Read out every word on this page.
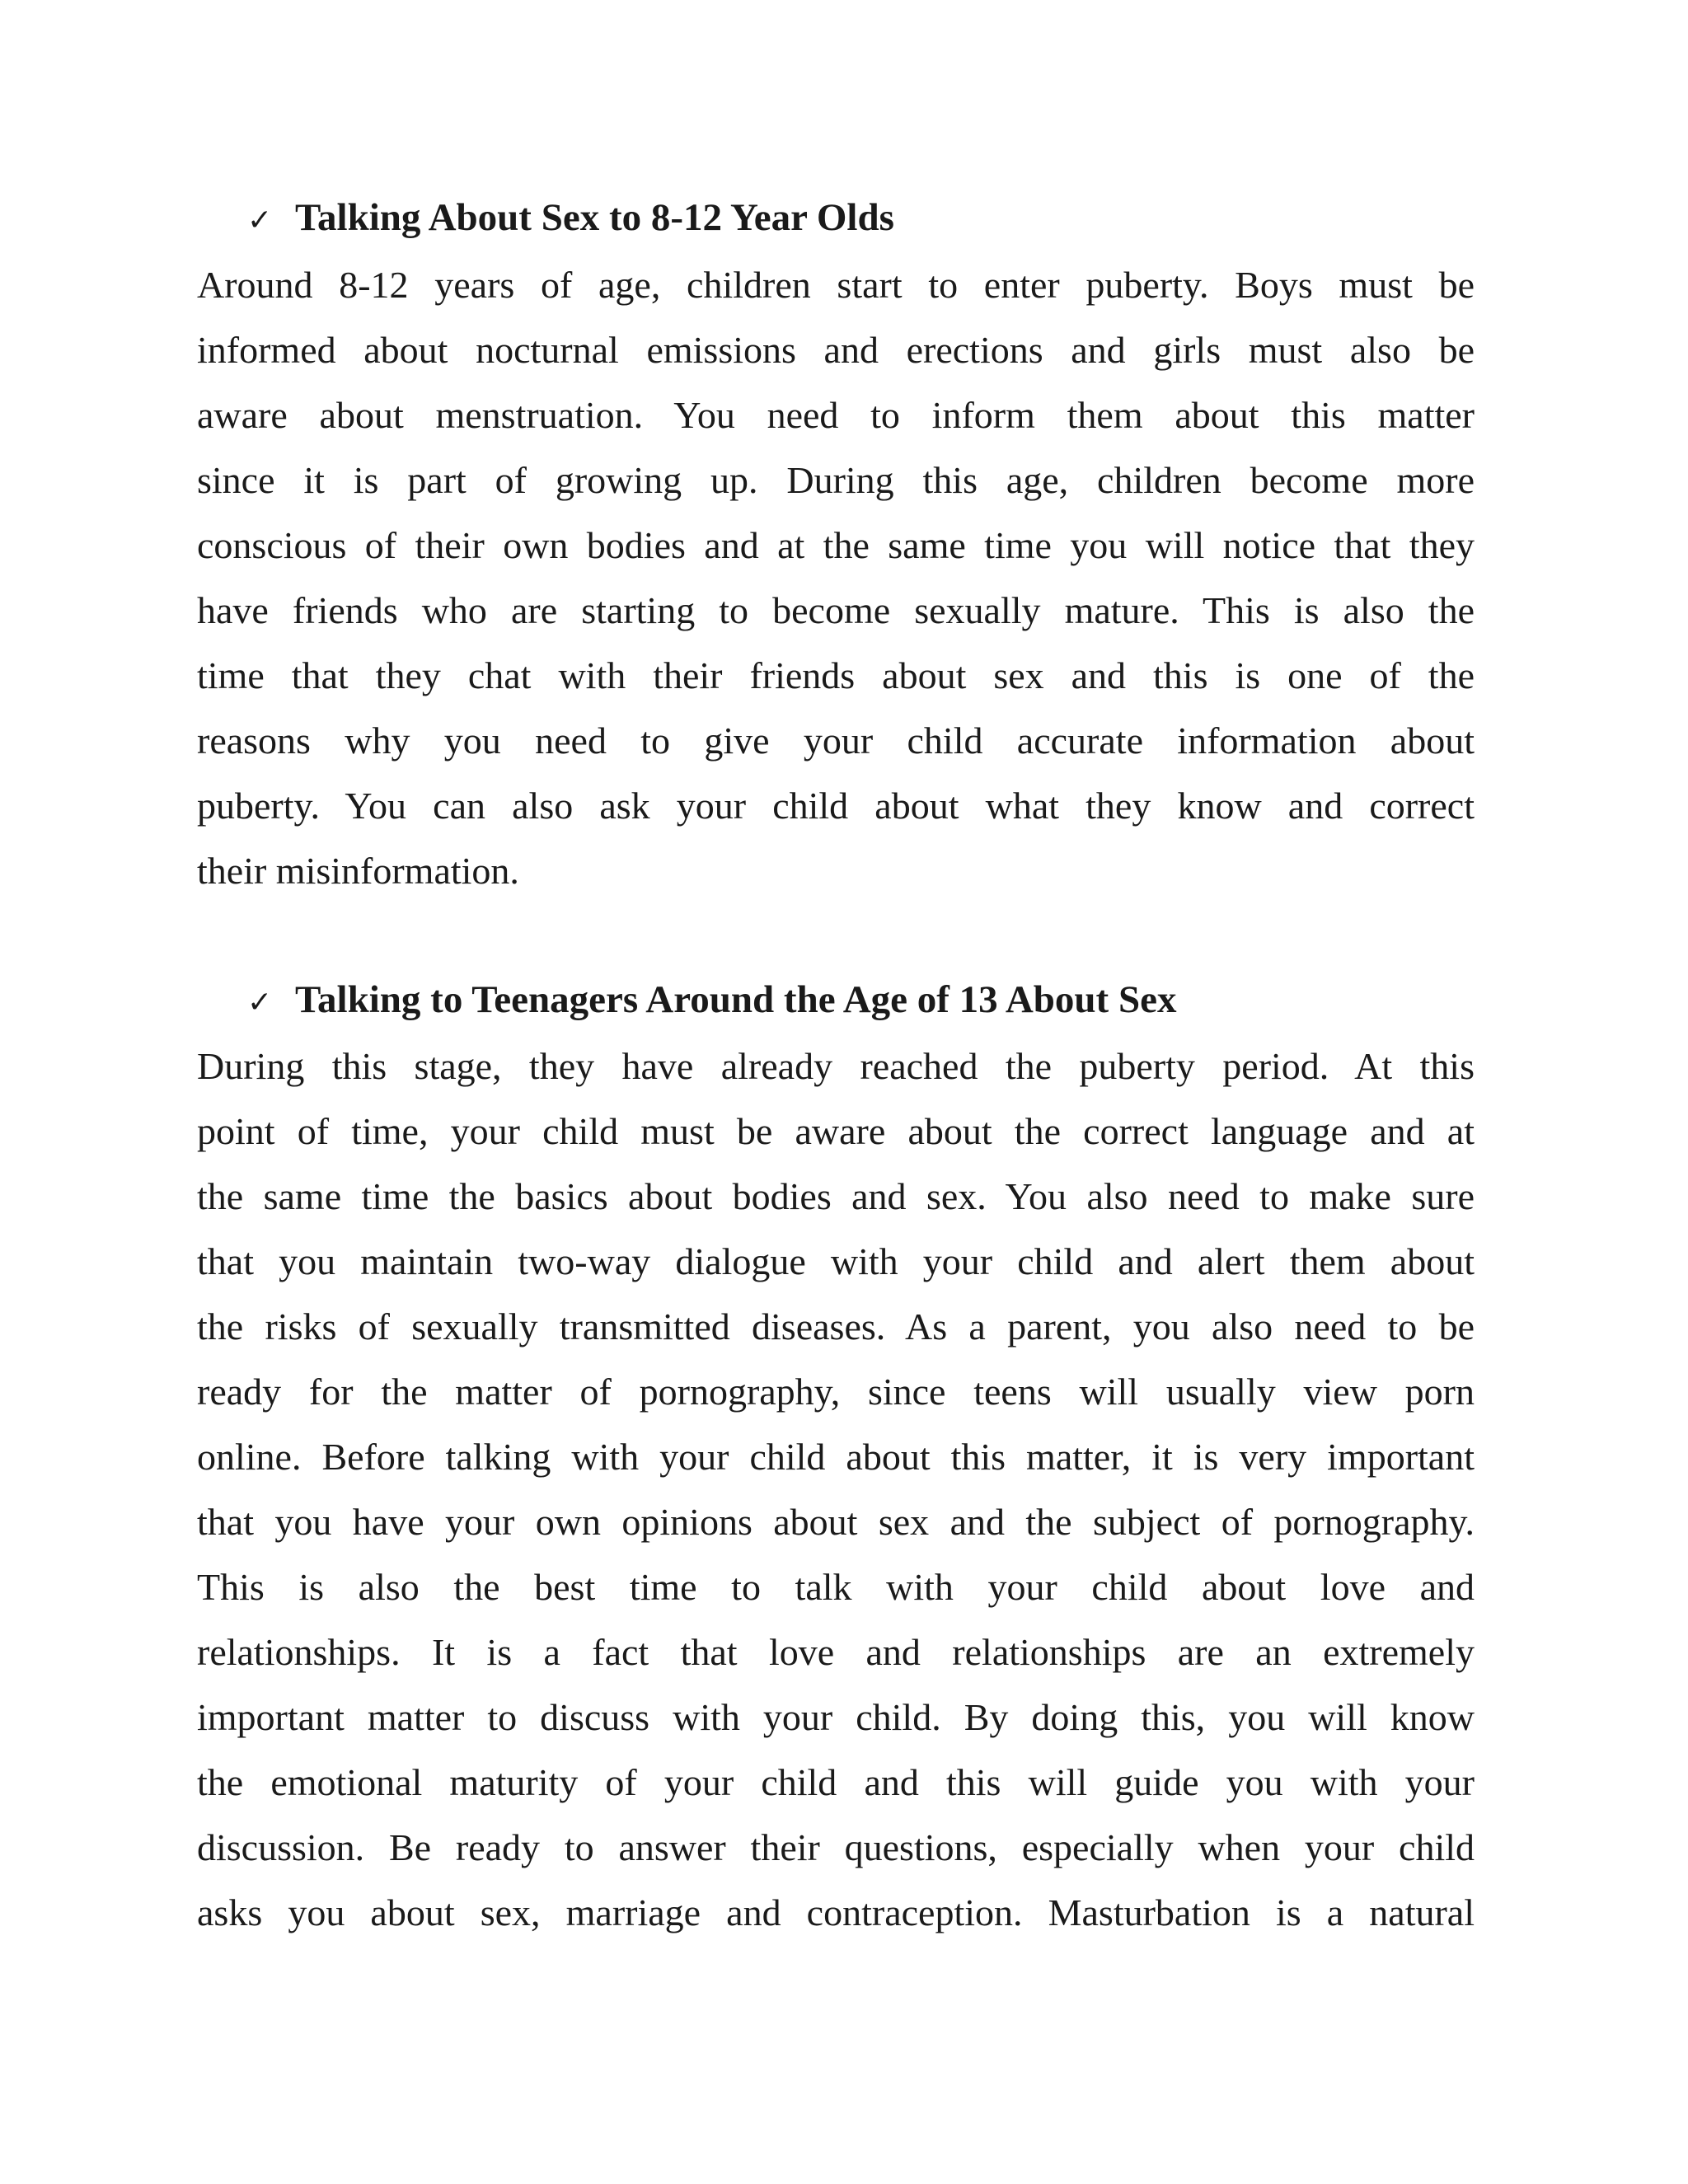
✓ Talking About Sex to 8-12 Year Olds
Around 8-12 years of age, children start to enter puberty. Boys must be
informed about nocturnal emissions and erections and girls must also be
aware about menstruation. You need to inform them about this matter
since it is part of growing up. During this age, children become more
conscious of their own bodies and at the same time you will notice that they
have friends who are starting to become sexually mature. This is also the
time that they chat with their friends about sex and this is one of the
reasons why you need to give your child accurate information about
puberty. You can also ask your child about what they know and correct
their misinformation.
✓ Talking to Teenagers Around the Age of 13 About Sex
During this stage, they have already reached the puberty period. At this
point of time, your child must be aware about the correct language and at
the same time the basics about bodies and sex. You also need to make sure
that you maintain two-way dialogue with your child and alert them about
the risks of sexually transmitted diseases. As a parent, you also need to be
ready for the matter of pornography, since teens will usually view porn
online. Before talking with your child about this matter, it is very important
that you have your own opinions about sex and the subject of pornography.
This is also the best time to talk with your child about love and
relationships. It is a fact that love and relationships are an extremely
important matter to discuss with your child. By doing this, you will know
the emotional maturity of your child and this will guide you with your
discussion. Be ready to answer their questions, especially when your child
asks you about sex, marriage and contraception. Masturbation is a natural
